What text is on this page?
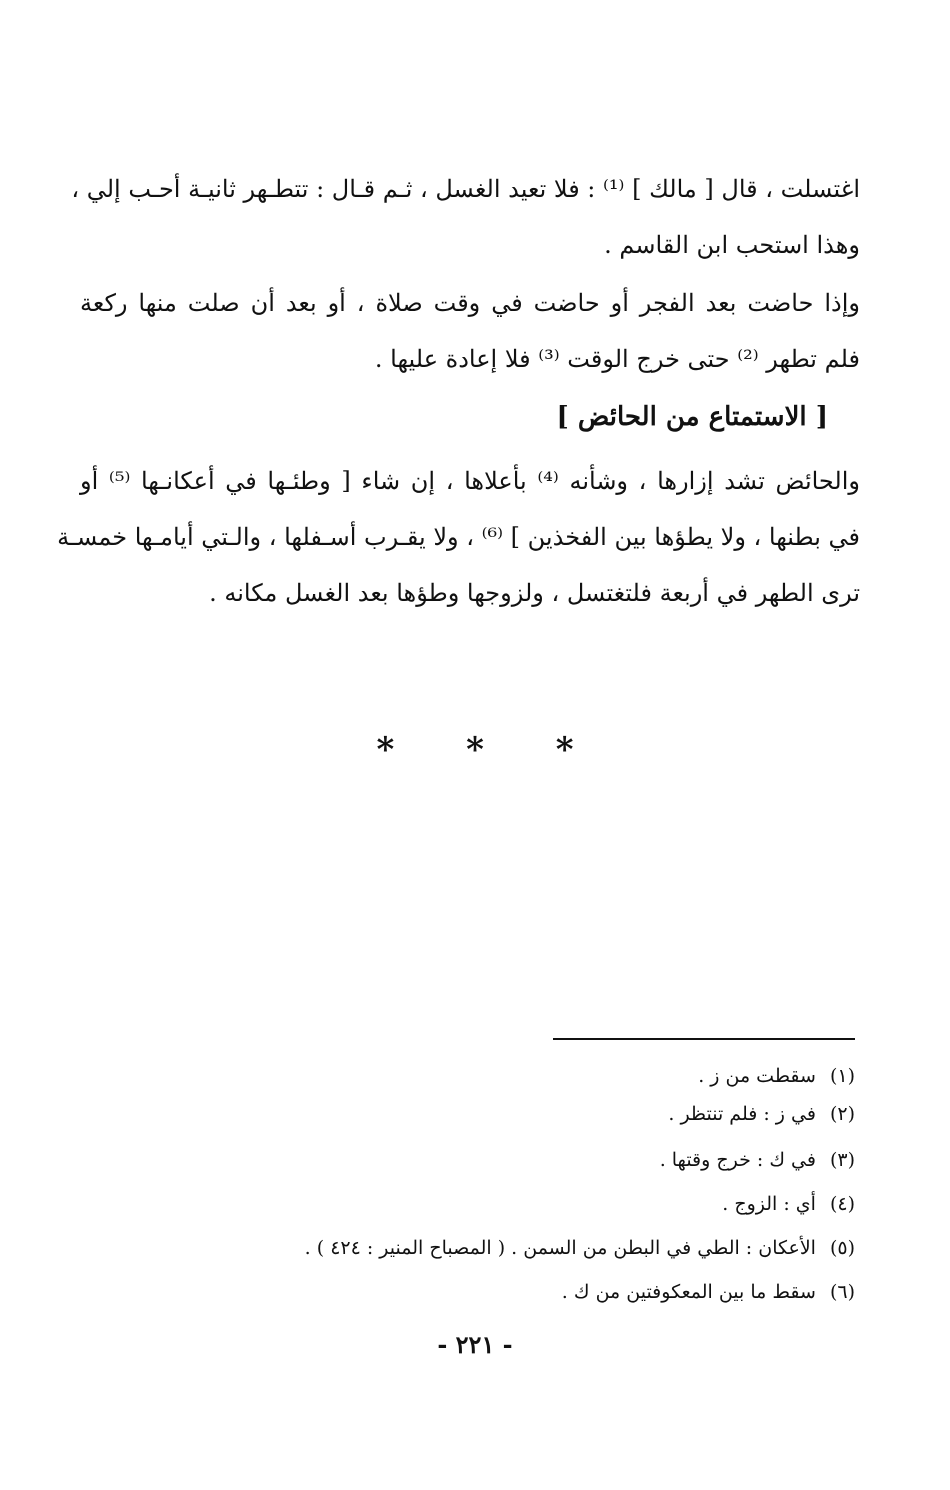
اغتسلت ، قال [ مالك ] ⁽¹⁾ : فلا تعيد الغسل ، ثـم قـال : تتطـهر ثانيـة أحـب إلي ،
وهذا استحب ابن القاسم .
وإذا حاضت بعد الفجر أو حاضت في وقت صلاة ، أو بعد أن صلت منها ركعة
فلم تطهر ⁽²⁾ حتى خرج الوقت ⁽³⁾ فلا إعادة عليها .
[ الاستمتاع من الحائض ]
والحائض تشد إزارها ، وشأنه ⁽⁴⁾ بأعلاها ، إن شاء [ وطئـها في أعكانـها ⁽⁵⁾ أو
في بطنها ، ولا يطؤها بين الفخذين ] ⁽⁶⁾ ، ولا يقـرب أسـفلها ، والـتي أيامـها خمسـة
ترى الطهر في أربعة فلتغتسل ، ولزوجها وطؤها بعد الغسل مكانه .
* * *
(١)سقطت من ز .
(٢)في ز : فلم تنتظر .
(٣)في ك : خرج وقتها .
(٤)أي : الزوج .
(٥)الأعكان : الطي في البطن من السمن . ( المصباح المنير : ٤٢٤ ) .
(٦)سقط ما بين المعكوفتين من ك .
- ٢٢١ -
